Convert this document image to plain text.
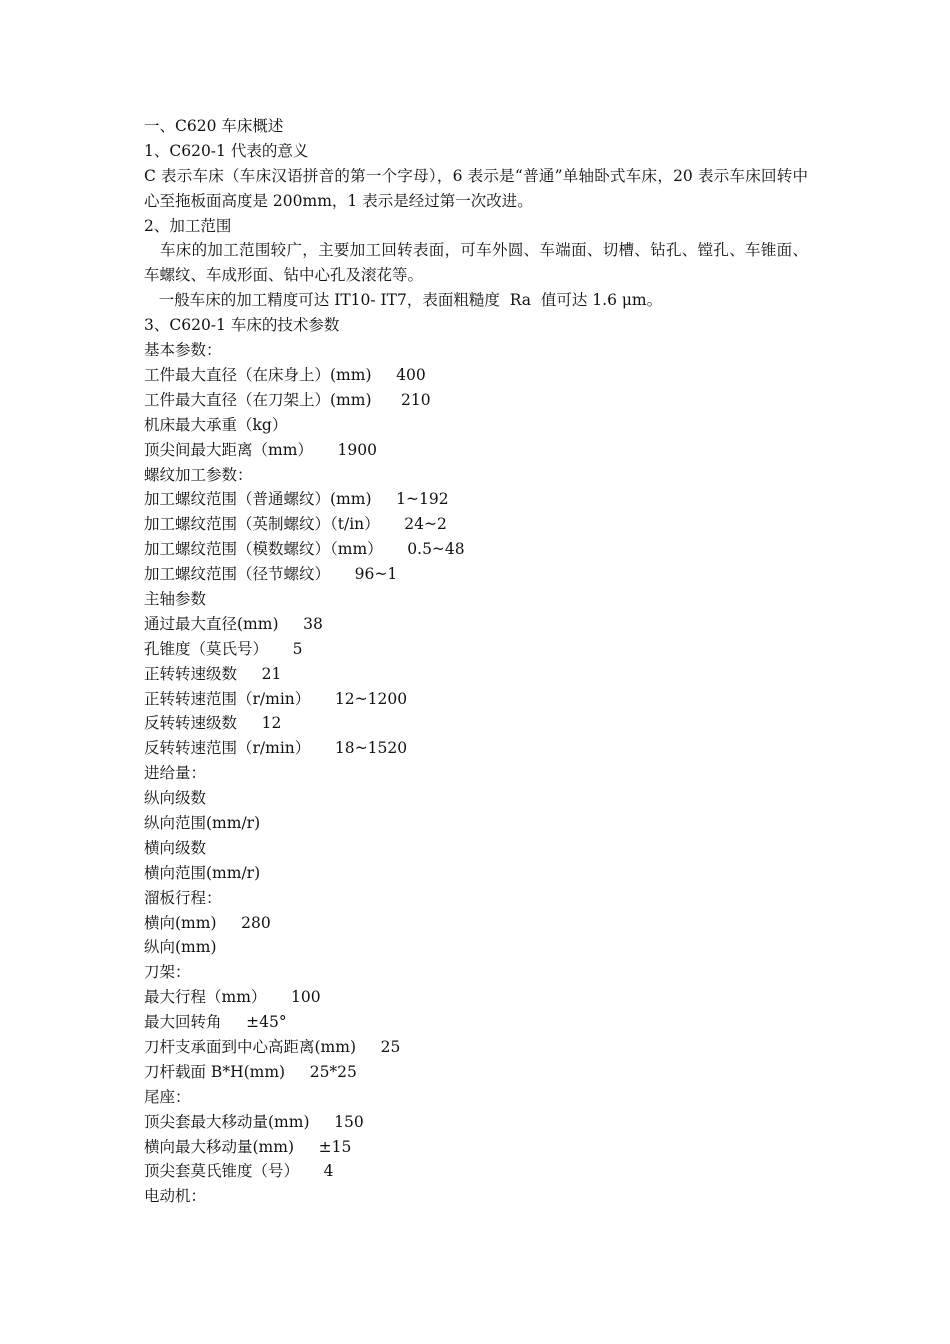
一、C620 车床概述
1、C620-1 代表的意义
C 表示车床（车床汉语拼音的第一个字母），6 表示是“普通”单轴卧式车床，20 表示车床回转中心至拖板面高度是 200mm，1 表示是经过第一次改进。
2、加工范围
车床的加工范围较广，主要加工回转表面，可车外圆、车端面、切槽、钻孔、镗孔、车锥面、车螺纹、车成形面、钻中心孔及滚花等。
一般车床的加工精度可达 IT10- IT7，表面粗糙度  Ra  值可达 1.6 μm。
3、C620-1 车床的技术参数
基本参数：
工件最大直径（在床身上）(mm)     400
工件最大直径（在刀架上）(mm)      210
机床最大承重（kg）
顶尖间最大距离（mm）     1900
螺纹加工参数：
加工螺纹范围（普通螺纹）(mm)     1~192
加工螺纹范围（英制螺纹）（t/in）     24~2
加工螺纹范围（模数螺纹）（mm）     0.5~48
加工螺纹范围（径节螺纹）     96~1
主轴参数
通过最大直径(mm)     38
孔锥度（莫氏号）     5
正转转速级数     21
正转转速范围（r/min）     12~1200
反转转速级数     12
反转转速范围（r/min）     18~1520
进给量：
纵向级数
纵向范围(mm/r)
横向级数
横向范围(mm/r)
溜板行程：
横向(mm)     280
纵向(mm)
刀架：
最大行程（mm）     100
最大回转角     ±45°
刀杆支承面到中心高距离(mm)     25
刀杆载面 B*H(mm)     25*25
尾座：
顶尖套最大移动量(mm)     150
横向最大移动量(mm)     ±15
顶尖套莫氏锥度（号）     4
电动机：
